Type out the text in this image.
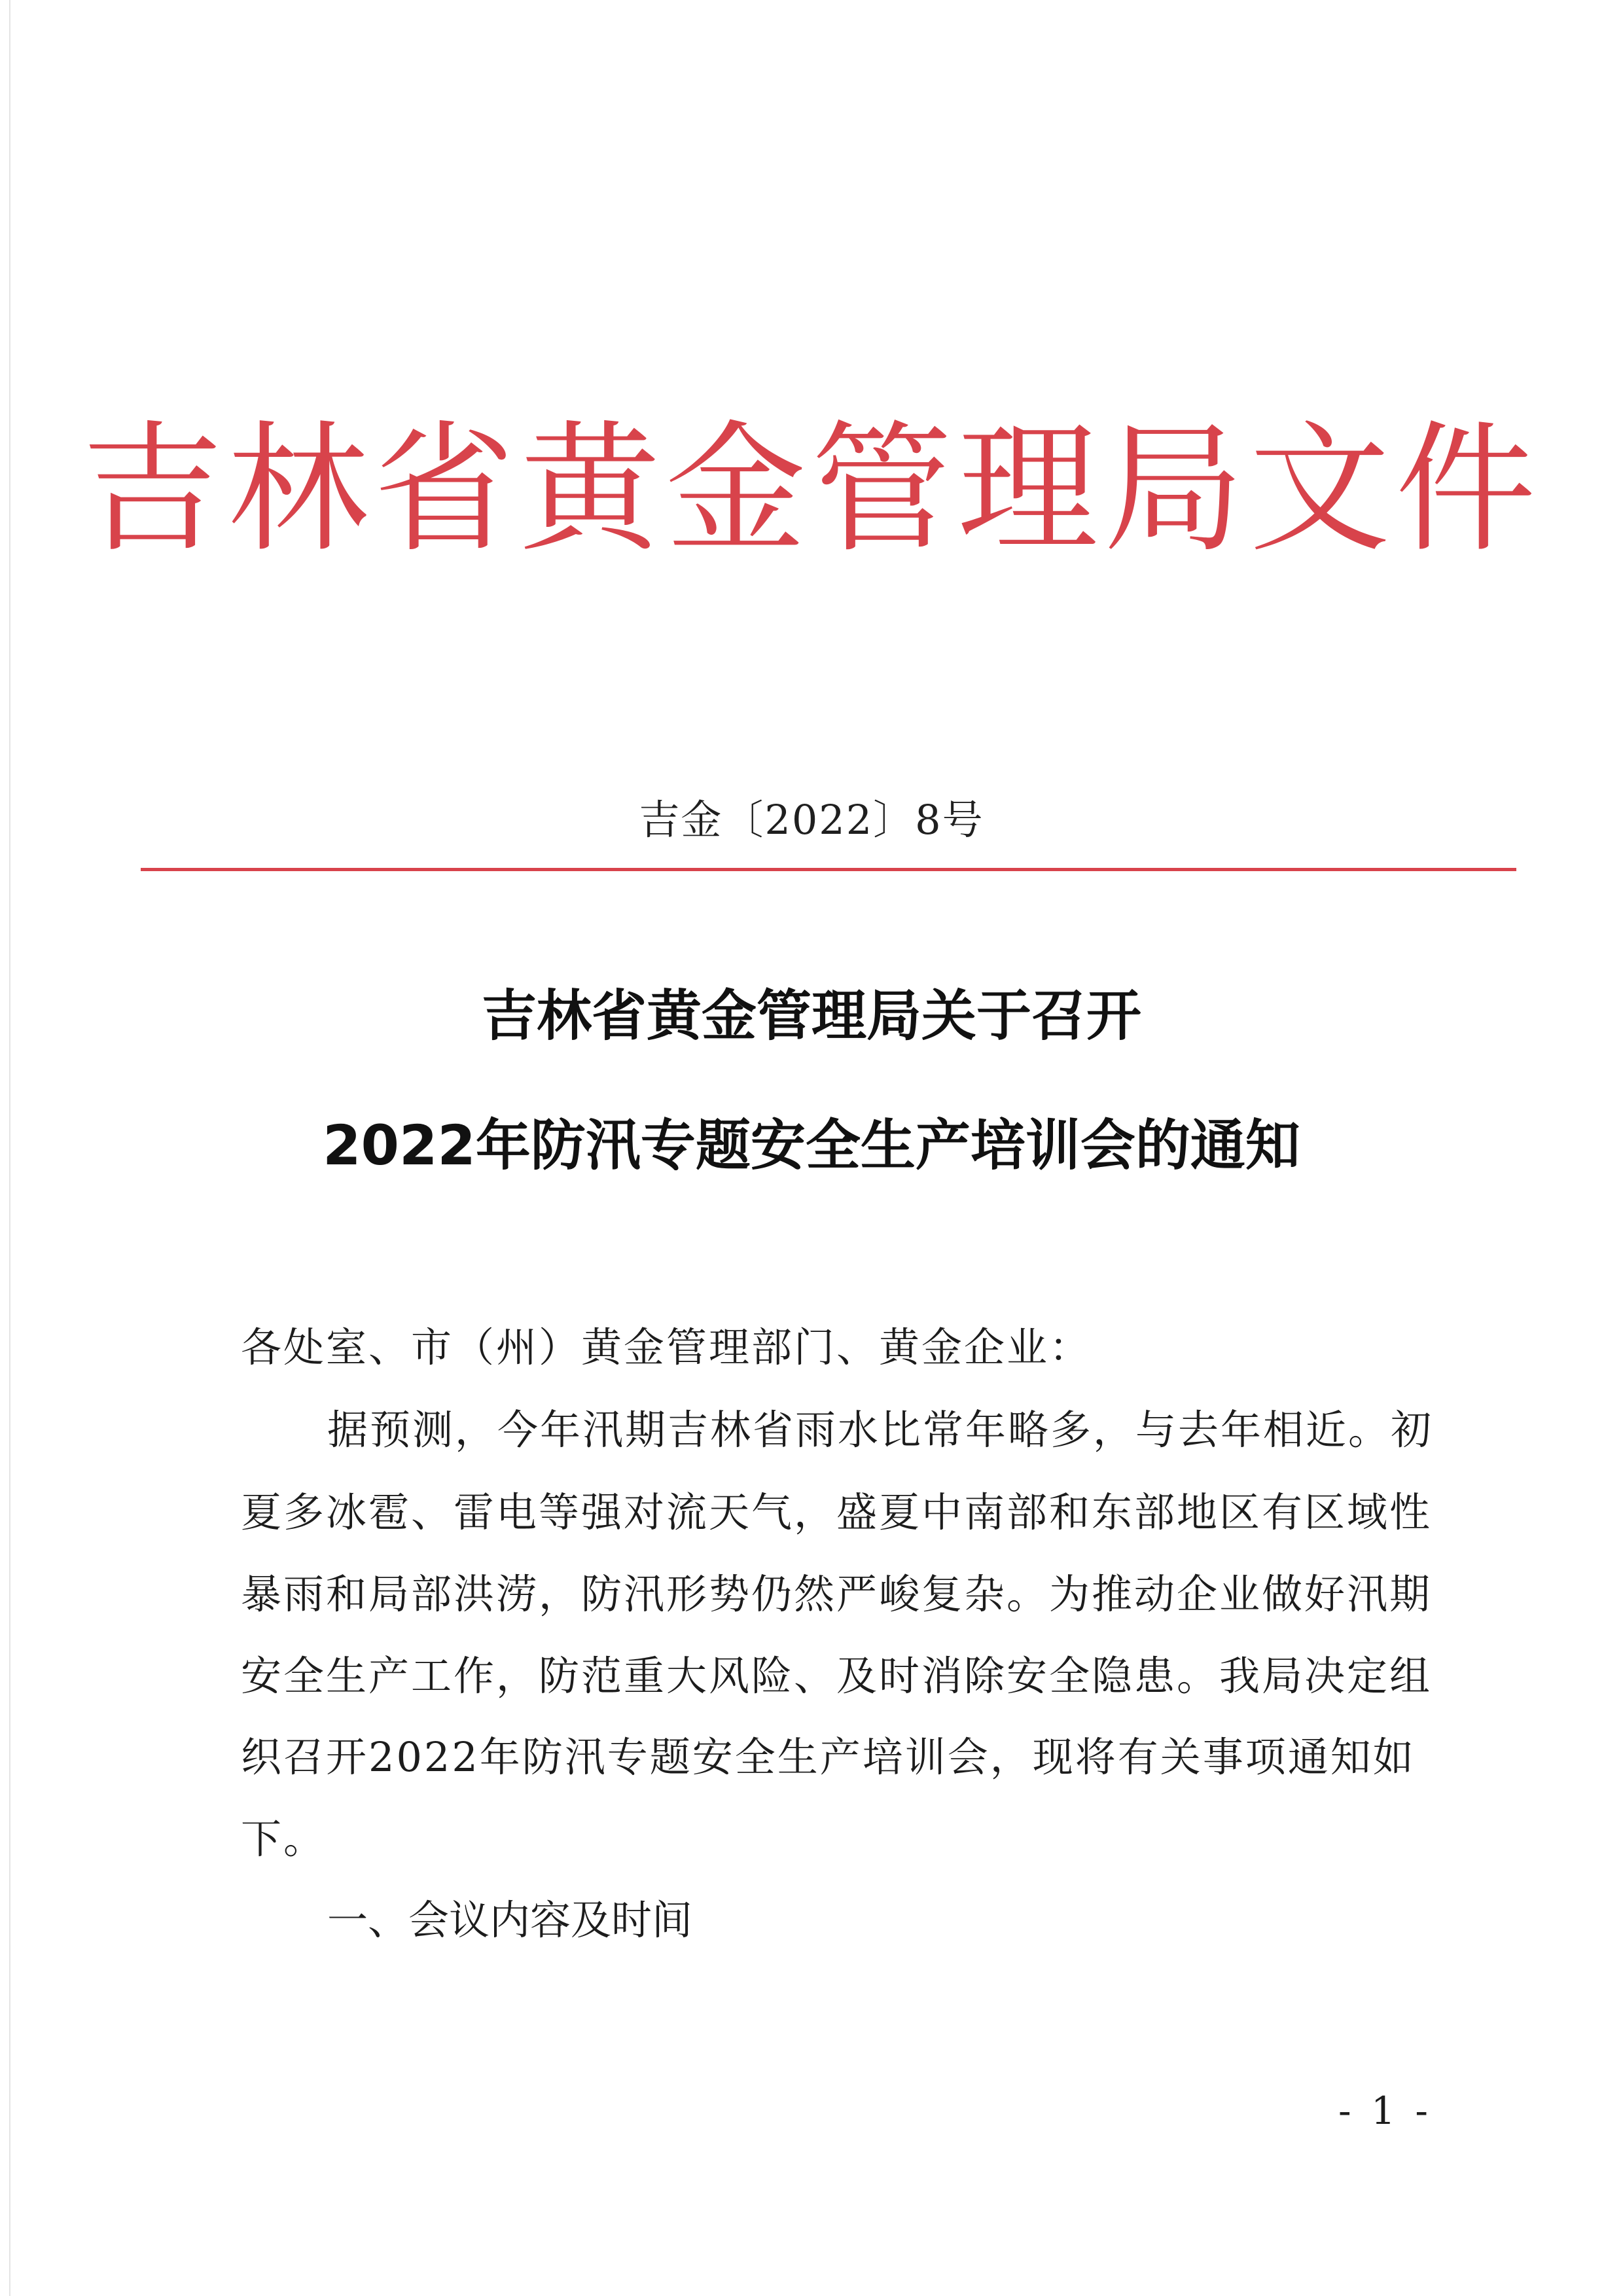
吉林省黄金管理局文件
吉金〔2022〕8号
吉林省黄金管理局关于召开
2022年防汛专题安全生产培训会的通知
各处室、市（州）黄金管理部门、黄金企业：
据预测，今年汛期吉林省雨水比常年略多，与去年相近。初
夏多冰雹、雷电等强对流天气，盛夏中南部和东部地区有区域性
暴雨和局部洪涝，防汛形势仍然严峻复杂。为推动企业做好汛期
安全生产工作，防范重大风险、及时消除安全隐患。我局决定组
织召开2022年防汛专题安全生产培训会，现将有关事项通知如
下。
一、会议内容及时间
- 1 -
